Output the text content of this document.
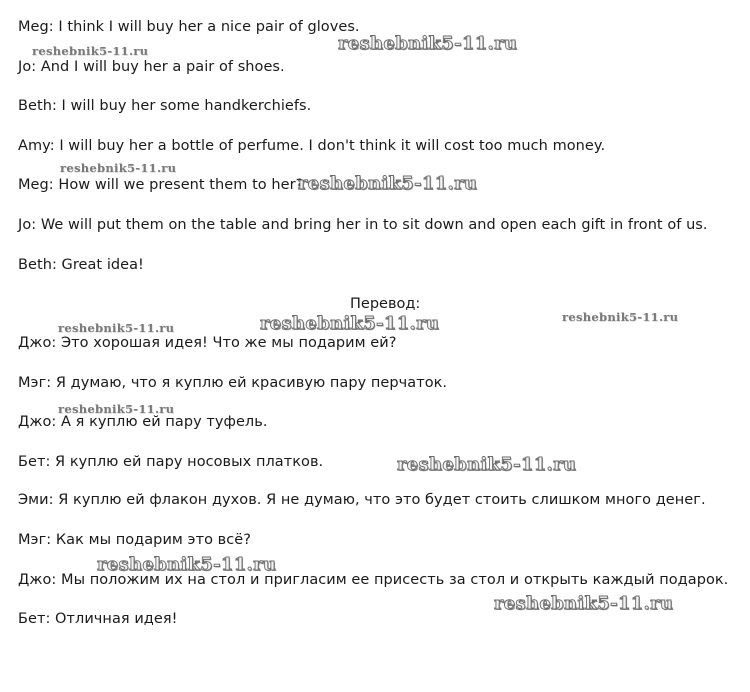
Meg: I think I will buy her a nice pair of gloves.
Jo: And I will buy her a pair of shoes.
Beth: I will buy her some handkerchiefs.
Amy: I will buy her a bottle of perfume. I don't think it will cost too much money.
Meg: How will we present them to her?
Jo: We will put them on the table and bring her in to sit down and open each gift in front of us.
Beth: Great idea!
Перевод:
Джо: Это хорошая идея! Что же мы подарим ей?
Мэг: Я думаю, что я куплю ей красивую пару перчаток.
Джо: А я куплю ей пару туфель.
Бет: Я куплю ей пару носовых платков.
Эми: Я куплю ей флакон духов. Я не думаю, что это будет стоить слишком много денег.
Мэг: Как мы подарим это всё?
Джо: Мы положим их на стол и пригласим ее присесть за стол и открыть каждый подарок.
Бет: Отличная идея!
reshebnik5-11.ru
reshebnik5-11.ru
reshebnik5-11.ru
reshebnik5-11.ru
reshebnik5-11.ru
reshebnik5-11.ru
reshebnik5-11.ru
reshebnik5-11.ru
reshebnik5-11.ru
reshebnik5-11.ru
reshebnik5-11.ru
